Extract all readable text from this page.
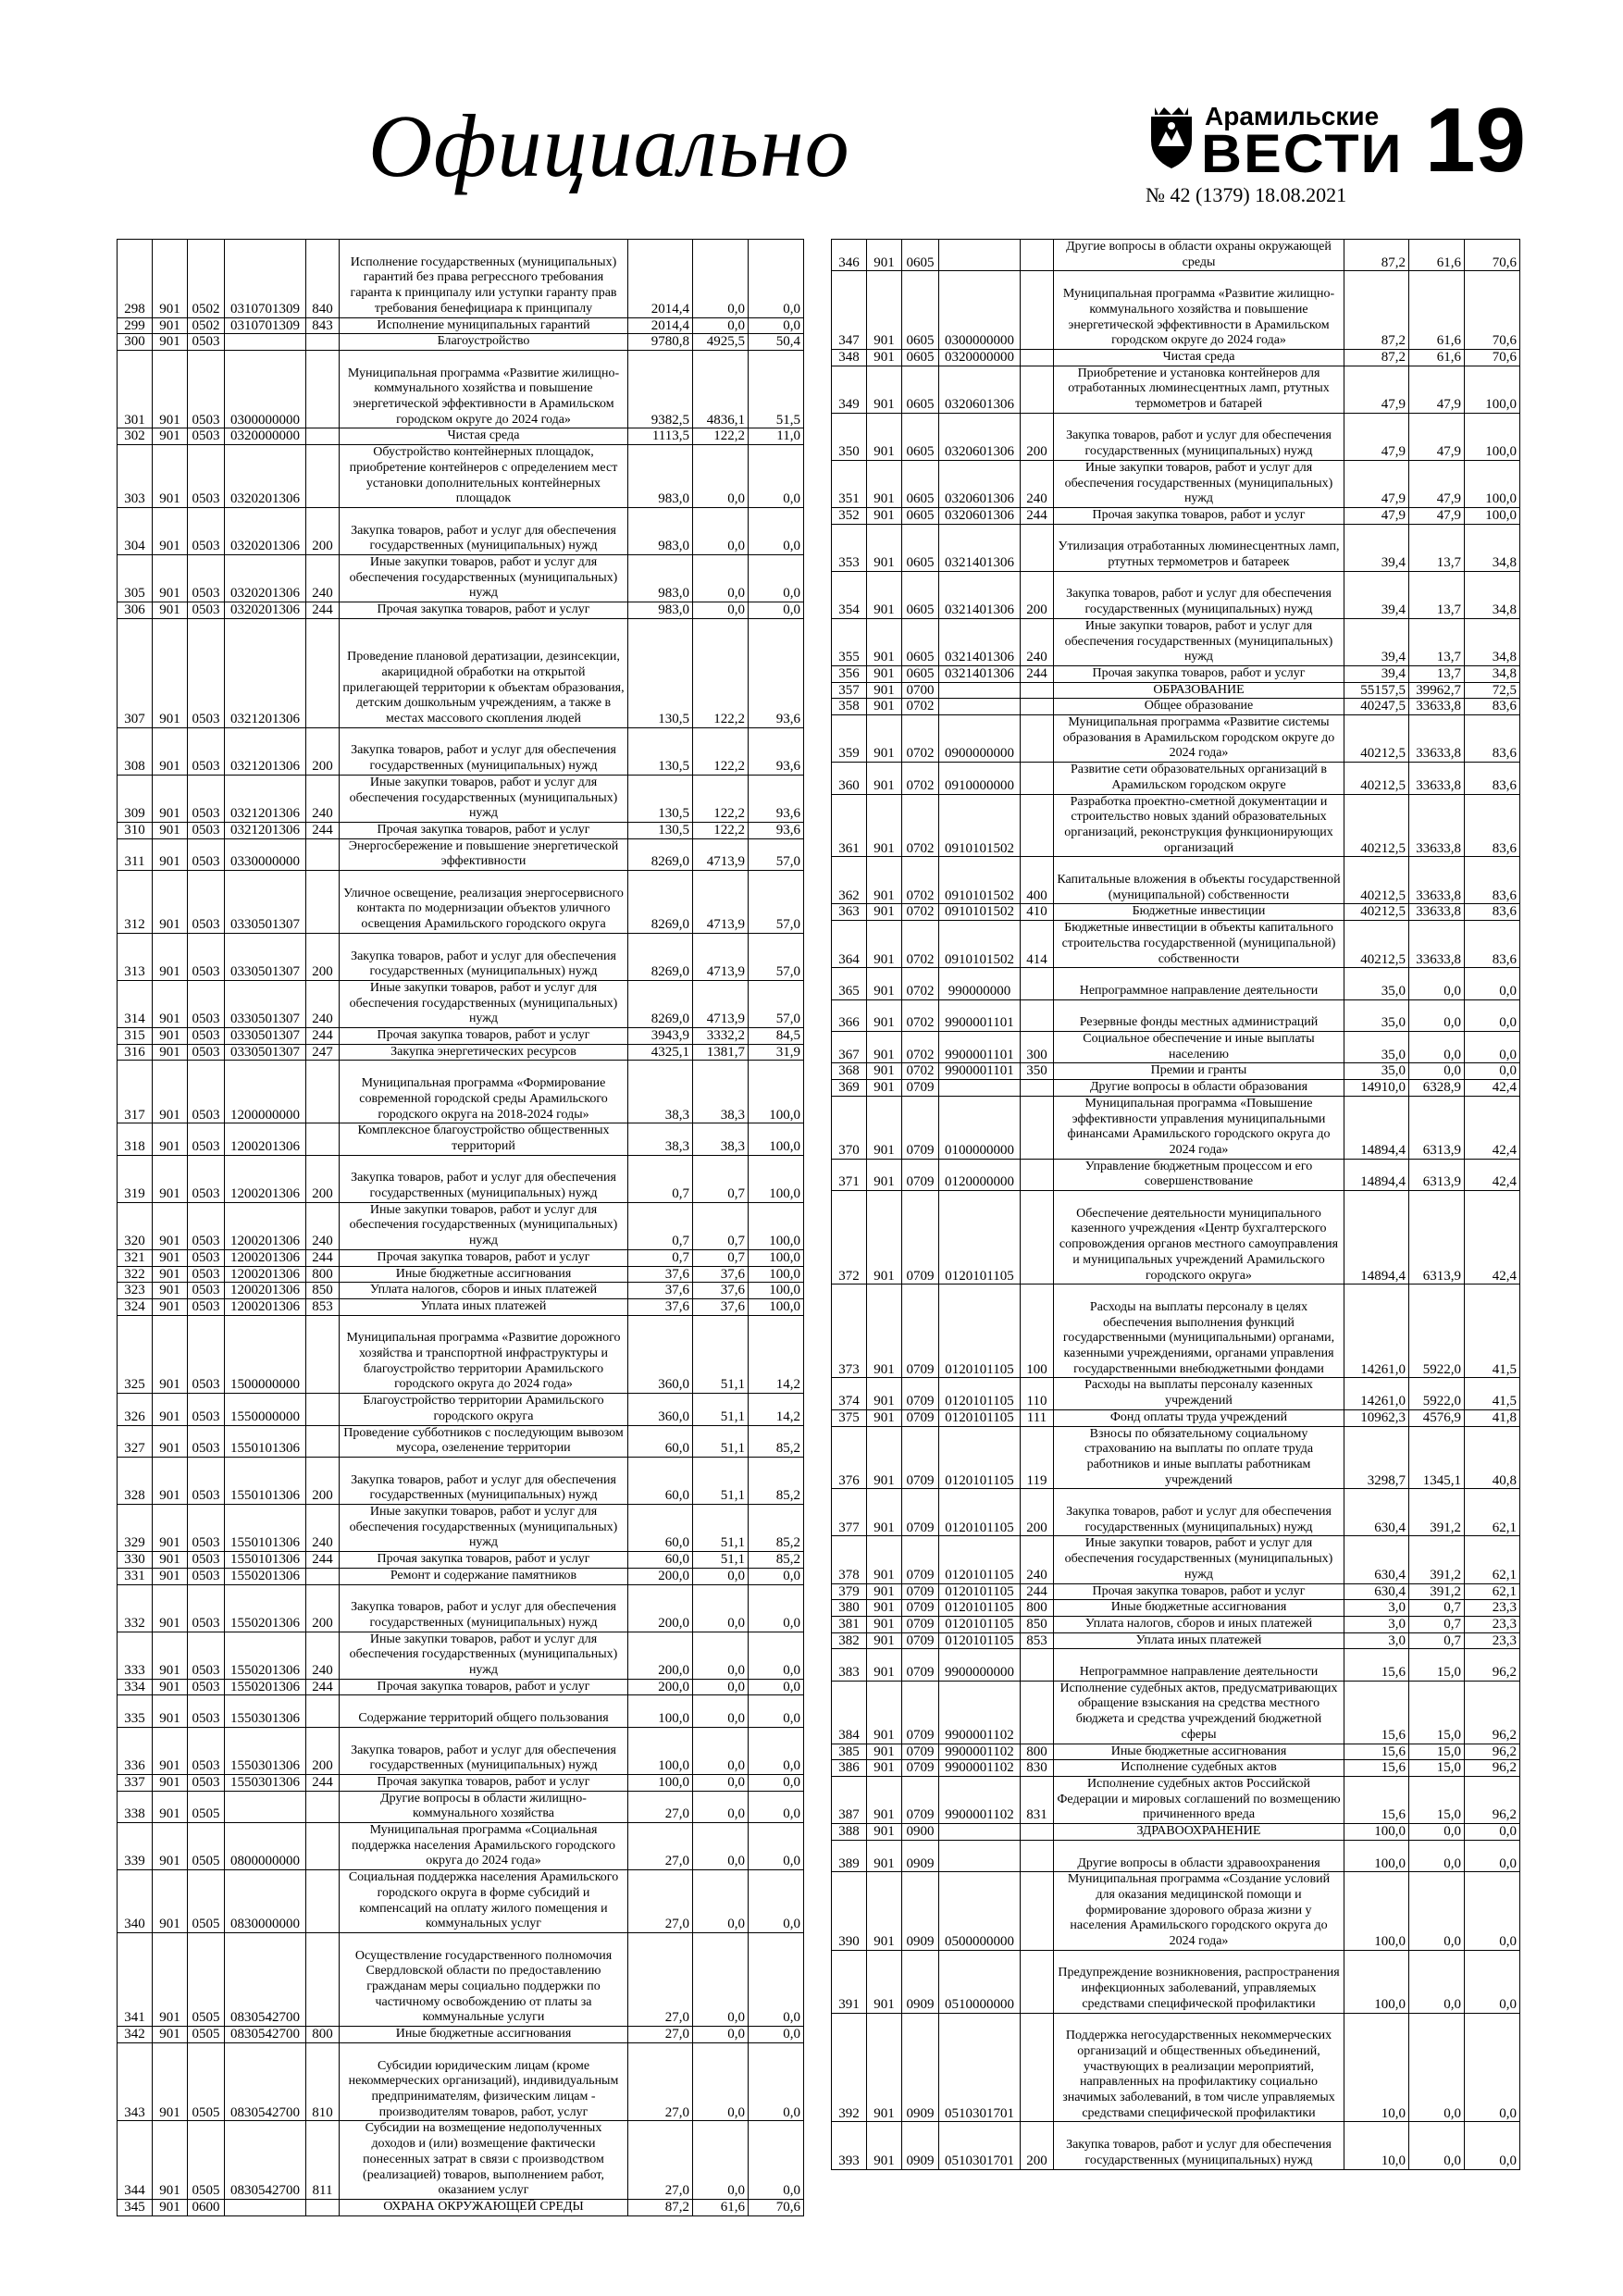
Официально	Арамильские
ВЕСТИ 19
№ 42 (1379) 18.08.2021
298	901	0502	0310701309	840	Исполнение государственных (муниципальных) гарантий без права регрессного требования гаранта к принципалу или уступки гаранту прав требования бенефициара к принципалу	2014,4	0,0	0,0
299	901	0502	0310701309	843	Исполнение муниципальных гарантий	2014,4	0,0	0,0
300	901	0503			Благоустройство	9780,8	4925,5	50,4
301	901	0503	0300000000		Муниципальная программа «Развитие жилищно-коммунального хозяйства и повышение энергетической эффективности в Арамильском городском округе до 2024 года»	9382,5	4836,1	51,5
302	901	0503	0320000000		Чистая среда	1113,5	122,2	11,0
303	901	0503	0320201306		Обустройство контейнерных площадок, приобретение контейнеров с определением мест установки дополнительных контейнерных площадок	983,0	0,0	0,0
304	901	0503	0320201306	200	Закупка товаров, работ и услуг для обеспечения государственных (муниципальных) нужд	983,0	0,0	0,0
305	901	0503	0320201306	240	Иные закупки товаров, работ и услуг для обеспечения государственных (муниципальных) нужд	983,0	0,0	0,0
306	901	0503	0320201306	244	Прочая закупка товаров, работ и услуг	983,0	0,0	0,0
307	901	0503	0321201306		Проведение плановой дератизации, дезинсекции, акарицидной обработки на открытой прилегающей территории к объектам образования, детским дошкольным учреждениям, а также в местах массового скопления людей	130,5	122,2	93,6
308	901	0503	0321201306	200	Закупка товаров, работ и услуг для обеспечения государственных (муниципальных) нужд	130,5	122,2	93,6
309	901	0503	0321201306	240	Иные закупки товаров, работ и услуг для обеспечения государственных (муниципальных) нужд	130,5	122,2	93,6
310	901	0503	0321201306	244	Прочая закупка товаров, работ и услуг	130,5	122,2	93,6
311	901	0503	0330000000		Энергосбережение и повышение энергетической эффективности	8269,0	4713,9	57,0
312	901	0503	0330501307		Уличное освещение, реализация энергосервисного контакта по модернизации объектов уличного освещения Арамильского городского округа	8269,0	4713,9	57,0
313	901	0503	0330501307	200	Закупка товаров, работ и услуг для обеспечения государственных (муниципальных) нужд	8269,0	4713,9	57,0
314	901	0503	0330501307	240	Иные закупки товаров, работ и услуг для обеспечения государственных (муниципальных) нужд	8269,0	4713,9	57,0
315	901	0503	0330501307	244	Прочая закупка товаров, работ и услуг	3943,9	3332,2	84,5
316	901	0503	0330501307	247	Закупка энергетических ресурсов	4325,1	1381,7	31,9
317	901	0503	1200000000		Муниципальная программа «Формирование современной городской среды Арамильского городского округа на 2018-2024 годы»	38,3	38,3	100,0
318	901	0503	1200201306		Комплексное благоустройство общественных территорий	38,3	38,3	100,0
319	901	0503	1200201306	200	Закупка товаров, работ и услуг для обеспечения государственных (муниципальных) нужд	0,7	0,7	100,0
320	901	0503	1200201306	240	Иные закупки товаров, работ и услуг для обеспечения государственных (муниципальных) нужд	0,7	0,7	100,0
321	901	0503	1200201306	244	Прочая закупка товаров, работ и услуг	0,7	0,7	100,0
322	901	0503	1200201306	800	Иные бюджетные ассигнования	37,6	37,6	100,0
323	901	0503	1200201306	850	Уплата налогов, сборов и иных платежей	37,6	37,6	100,0
324	901	0503	1200201306	853	Уплата иных платежей	37,6	37,6	100,0
325	901	0503	1500000000		Муниципальная программа «Развитие дорожного хозяйства и транспортной инфраструктуры и благоустройство территории Арамильского городского округа до 2024 года»	360,0	51,1	14,2
326	901	0503	1550000000		Благоустройство территории Арамильского городского округа	360,0	51,1	14,2
327	901	0503	1550101306		Проведение субботников с последующим вывозом мусора, озеленение территории	60,0	51,1	85,2
328	901	0503	1550101306	200	Закупка товаров, работ и услуг для обеспечения государственных (муниципальных) нужд	60,0	51,1	85,2
329	901	0503	1550101306	240	Иные закупки товаров, работ и услуг для обеспечения государственных (муниципальных) нужд	60,0	51,1	85,2
330	901	0503	1550101306	244	Прочая закупка товаров, работ и услуг	60,0	51,1	85,2
331	901	0503	1550201306		Ремонт и содержание памятников	200,0	0,0	0,0
332	901	0503	1550201306	200	Закупка товаров, работ и услуг для обеспечения государственных (муниципальных) нужд	200,0	0,0	0,0
333	901	0503	1550201306	240	Иные закупки товаров, работ и услуг для обеспечения государственных (муниципальных) нужд	200,0	0,0	0,0
334	901	0503	1550201306	244	Прочая закупка товаров, работ и услуг	200,0	0,0	0,0
335	901	0503	1550301306		Содержание территорий общего пользования	100,0	0,0	0,0
336	901	0503	1550301306	200	Закупка товаров, работ и услуг для обеспечения государственных (муниципальных) нужд	100,0	0,0	0,0
337	901	0503	1550301306	244	Прочая закупка товаров, работ и услуг	100,0	0,0	0,0
338	901	0505			Другие вопросы в области жилищно-коммунального хозяйства	27,0	0,0	0,0
339	901	0505	0800000000		Муниципальная программа «Социальная поддержка населения Арамильского городского округа до 2024 года»	27,0	0,0	0,0
340	901	0505	0830000000		Социальная поддержка населения Арамильского городского округа в форме субсидий и компенсаций на оплату жилого помещения и коммунальных услуг	27,0	0,0	0,0
341	901	0505	0830542700		Осуществление государственного полномочия Свердловской области по предоставлению гражданам меры социально поддержки по частичному освобождению от платы за коммунальные услуги	27,0	0,0	0,0
342	901	0505	0830542700	800	Иные бюджетные ассигнования	27,0	0,0	0,0
343	901	0505	0830542700	810	Субсидии юридическим лицам (кроме некоммерческих организаций), индивидуальным предпринимателям, физическим лицам - производителям товаров, работ, услуг	27,0	0,0	0,0
344	901	0505	0830542700	811	Субсидии на возмещение недополученных доходов и (или) возмещение фактически понесенных затрат в связи с производством (реализацией) товаров, выполнением работ, оказанием услуг	27,0	0,0	0,0
345	901	0600			ОХРАНА ОКРУЖАЮЩЕЙ СРЕДЫ	87,2	61,6	70,6
346	901	0605			Другие вопросы в области охраны окружающей среды	87,2	61,6	70,6
347	901	0605	0300000000		Муниципальная программа «Развитие жилищно-коммунального хозяйства и повышение энергетической эффективности в Арамильском городском округе до 2024 года»	87,2	61,6	70,6
348	901	0605	0320000000		Чистая среда	87,2	61,6	70,6
349	901	0605	0320601306		Приобретение и установка контейнеров для отработанных люминесцентных ламп, ртутных термометров и батарей	47,9	47,9	100,0
350	901	0605	0320601306	200	Закупка товаров, работ и услуг для обеспечения государственных (муниципальных) нужд	47,9	47,9	100,0
351	901	0605	0320601306	240	Иные закупки товаров, работ и услуг для обеспечения государственных (муниципальных) нужд	47,9	47,9	100,0
352	901	0605	0320601306	244	Прочая закупка товаров, работ и услуг	47,9	47,9	100,0
353	901	0605	0321401306		Утилизация отработанных люминесцентных ламп, ртутных термометров и батареек	39,4	13,7	34,8
354	901	0605	0321401306	200	Закупка товаров, работ и услуг для обеспечения государственных (муниципальных) нужд	39,4	13,7	34,8
355	901	0605	0321401306	240	Иные закупки товаров, работ и услуг для обеспечения государственных (муниципальных) нужд	39,4	13,7	34,8
356	901	0605	0321401306	244	Прочая закупка товаров, работ и услуг	39,4	13,7	34,8
357	901	0700			ОБРАЗОВАНИЕ	55157,5	39962,7	72,5
358	901	0702			Общее образование	40247,5	33633,8	83,6
359	901	0702	0900000000		Муниципальная программа «Развитие системы образования в Арамильском городском округе до 2024 года»	40212,5	33633,8	83,6
360	901	0702	0910000000		Развитие сети образовательных организаций в Арамильском городском округе	40212,5	33633,8	83,6
361	901	0702	0910101502		Разработка проектно-сметной документации и строительство новых зданий образовательных организаций, реконструкция функционирующих организаций	40212,5	33633,8	83,6
362	901	0702	0910101502	400	Капитальные вложения в объекты государственной (муниципальной) собственности	40212,5	33633,8	83,6
363	901	0702	0910101502	410	Бюджетные инвестиции	40212,5	33633,8	83,6
364	901	0702	0910101502	414	Бюджетные инвестиции в объекты капитального строительства государственной (муниципальной) собственности	40212,5	33633,8	83,6
365	901	0702	990000000		Непрограммное направление деятельности	35,0	0,0	0,0
366	901	0702	9900001101		Резервные фонды местных администраций	35,0	0,0	0,0
367	901	0702	9900001101	300	Социальное обеспечение и иные выплаты населению	35,0	0,0	0,0
368	901	0702	9900001101	350	Премии и гранты	35,0	0,0	0,0
369	901	0709			Другие вопросы в области образования	14910,0	6328,9	42,4
370	901	0709	0100000000		Муниципальная программа «Повышение эффективности управления муниципальными финансами Арамильского городского округа до 2024 года»	14894,4	6313,9	42,4
371	901	0709	0120000000		Управление бюджетным процессом и его совершенствование	14894,4	6313,9	42,4
372	901	0709	0120101105		Обеспечение деятельности муниципального казенного учреждения «Центр бухгалтерского сопровождения органов местного самоуправления и муниципальных учреждений Арамильского городского округа»	14894,4	6313,9	42,4
373	901	0709	0120101105	100	Расходы на выплаты персоналу в целях обеспечения выполнения функций государственными (муниципальными) органами, казенными учреждениями, органами управления государственными внебюджетными фондами	14261,0	5922,0	41,5
374	901	0709	0120101105	110	Расходы на выплаты персоналу казенных учреждений	14261,0	5922,0	41,5
375	901	0709	0120101105	111	Фонд оплаты труда учреждений	10962,3	4576,9	41,8
376	901	0709	0120101105	119	Взносы по обязательному социальному страхованию на выплаты по оплате труда работников и иные выплаты работникам учреждений	3298,7	1345,1	40,8
377	901	0709	0120101105	200	Закупка товаров, работ и услуг для обеспечения государственных (муниципальных) нужд	630,4	391,2	62,1
378	901	0709	0120101105	240	Иные закупки товаров, работ и услуг для обеспечения государственных (муниципальных) нужд	630,4	391,2	62,1
379	901	0709	0120101105	244	Прочая закупка товаров, работ и услуг	630,4	391,2	62,1
380	901	0709	0120101105	800	Иные бюджетные ассигнования	3,0	0,7	23,3
381	901	0709	0120101105	850	Уплата налогов, сборов и иных платежей	3,0	0,7	23,3
382	901	0709	0120101105	853	Уплата иных платежей	3,0	0,7	23,3
383	901	0709	9900000000		Непрограммное направление деятельности	15,6	15,0	96,2
384	901	0709	9900001102		Исполнение судебных актов, предусматривающих обращение взыскания на средства местного бюджета и средства учреждений бюджетной сферы	15,6	15,0	96,2
385	901	0709	9900001102	800	Иные бюджетные ассигнования	15,6	15,0	96,2
386	901	0709	9900001102	830	Исполнение судебных актов	15,6	15,0	96,2
387	901	0709	9900001102	831	Исполнение судебных актов Российской Федерации и мировых соглашений по возмещению причиненного вреда	15,6	15,0	96,2
388	901	0900			ЗДРАВООХРАНЕНИЕ	100,0	0,0	0,0
389	901	0909			Другие вопросы в области здравоохранения	100,0	0,0	0,0
390	901	0909	0500000000		Муниципальная программа «Создание условий для оказания медицинской помощи и формирование здорового образа жизни у населения Арамильского городского округа до 2024 года»	100,0	0,0	0,0
391	901	0909	0510000000		Предупреждение возникновения, распространения инфекционных заболеваний, управляемых средствами специфической профилактики	100,0	0,0	0,0
392	901	0909	0510301701		Поддержка негосударственных некоммерческих организаций и общественных объединений, участвующих в реализации мероприятий, направленных на профилактику социально значимых заболеваний, в том числе управляемых средствами специфической профилактики	10,0	0,0	0,0
393	901	0909	0510301701	200	Закупка товаров, работ и услуг для обеспечения государственных (муниципальных) нужд	10,0	0,0	0,0
